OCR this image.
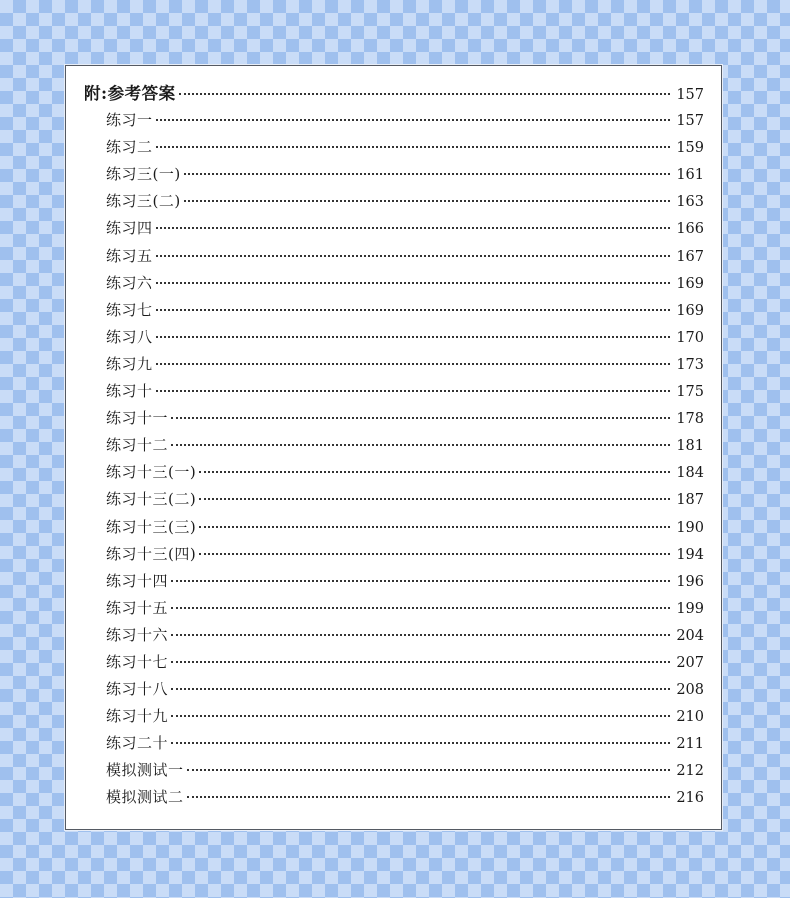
附:参考答案	157
练习一	157
练习二	159
练习三(一)	161
练习三(二)	163
练习四	166
练习五	167
练习六	169
练习七	169
练习八	170
练习九	173
练习十	175
练习十一	178
练习十二	181
练习十三(一)	184
练习十三(二)	187
练习十三(三)	190
练习十三(四)	194
练习十四	196
练习十五	199
练习十六	204
练习十七	207
练习十八	208
练习十九	210
练习二十	211
模拟测试一	212
模拟测试二	216
